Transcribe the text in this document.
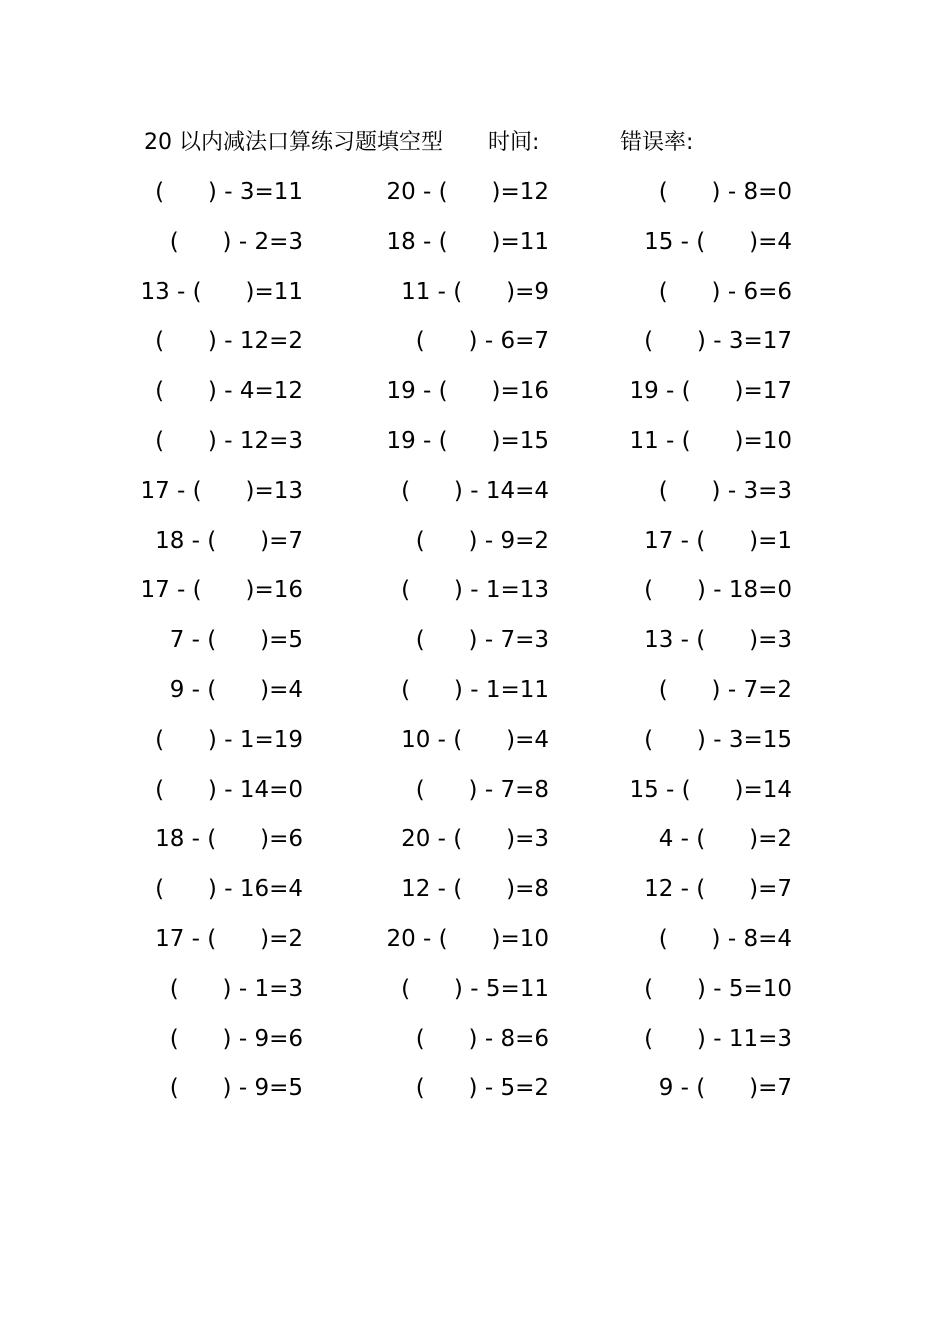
20 以内减法口算练习题填空型 时间:	错误率:
(      ) - 3=11	20 - (      )=12	(      ) - 8=0
(      ) - 2=3	18 - (      )=11	15 - (      )=4
13 - (      )=11	11 - (      )=9	(      ) - 6=6
(      ) - 12=2	(      ) - 6=7	(      ) - 3=17
(      ) - 4=12	19 - (      )=16	19 - (      )=17
(      ) - 12=3	19 - (      )=15	11 - (      )=10
17 - (      )=13	(      ) - 14=4	(      ) - 3=3
18 - (      )=7	(      ) - 9=2	17 - (      )=1
17 - (      )=16	(      ) - 1=13	(      ) - 18=0
7 - (      )=5	(      ) - 7=3	13 - (      )=3
9 - (      )=4	(      ) - 1=11	(      ) - 7=2
(      ) - 1=19	10 - (      )=4	(      ) - 3=15
(      ) - 14=0	(      ) - 7=8	15 - (      )=14
18 - (      )=6	20 - (      )=3	4 - (      )=2
(      ) - 16=4	12 - (      )=8	12 - (      )=7
17 - (      )=2	20 - (      )=10	(      ) - 8=4
(      ) - 1=3	(      ) - 5=11	(      ) - 5=10
(      ) - 9=6	(      ) - 8=6	(      ) - 11=3
(      ) - 9=5	(      ) - 5=2	9 - (      )=7
